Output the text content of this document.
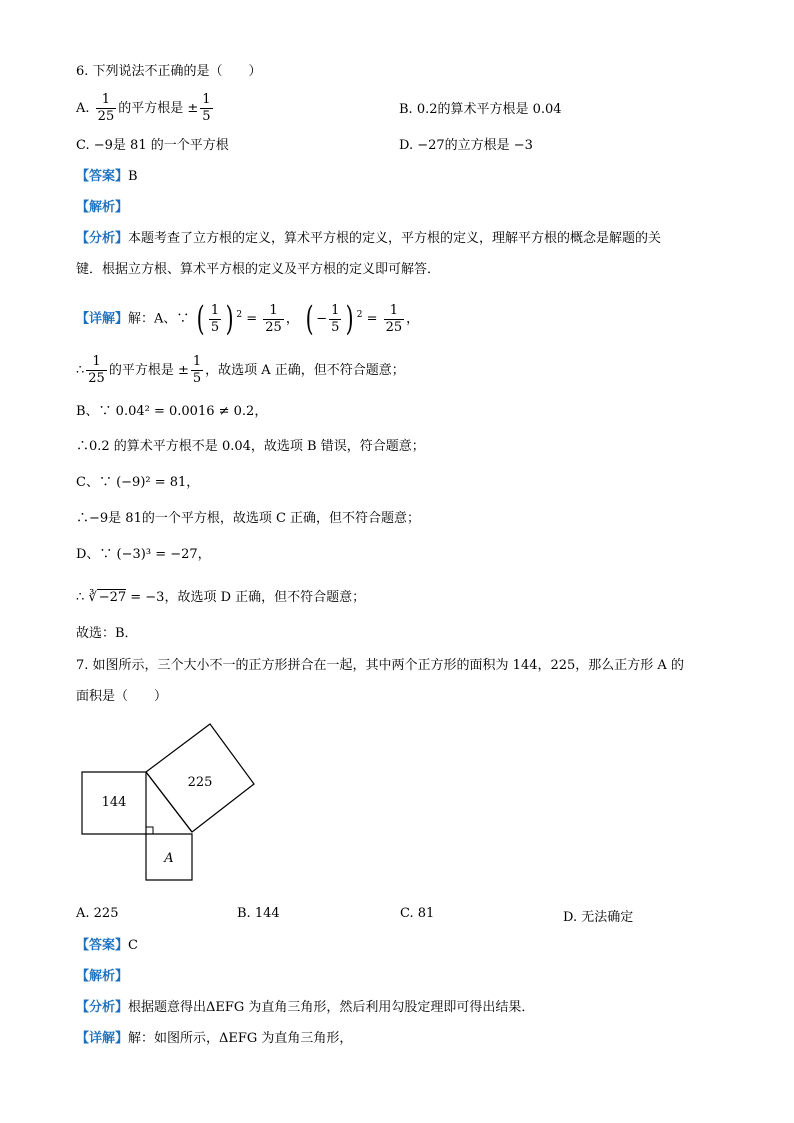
6. 下列说法不正确的是（　　）
A. $\frac{1}{25}$ 的平方根是 ± $\frac{1}{5}$	B. 0.2的算术平方根是 0.04
C. −9是 81 的一个平方根	D. −27的立方根是 −3
【答案】B
【解析】
【分析】本题考查了立方根的定义，算术平方根的定义，平方根的定义，理解平方根的概念是解题的关
键．根据立方根、算术平方根的定义及平方根的定义即可解答．
【详解】解：A、∵ ( $\frac{1}{5}$ ) $^2 = \frac{1}{25}$ ， ( − $\frac{1}{5}$ ) $^2 = \frac{1}{25}$ ，
∴ $\frac{1}{25}$ 的平方根是 ± $\frac{1}{5}$ ，故选项 A 正确，但不符合题意；
B、∵ 0.04² = 0.0016 ≠ 0.2，
∴0.2 的算术平方根不是 0.04，故选项 B 错误，符合题意；
C、∵ (−9)² = 81，
∴−9是 81的一个平方根，故选项 C 正确，但不符合题意；
D、∵ (−3)³ = −27，
∴ ∛ −27 = −3，故选项 D 正确，但不符合题意；
故选：B．
7. 如图所示，三个大小不一的正方形拼合在一起，其中两个正方形的面积为 144，225，那么正方形 A 的
面积是（　　）
144
225
A
A. 225	B. 144	C. 81	D. 无法确定
【答案】C
【解析】
【分析】根据题意得出ΔEFG 为直角三角形，然后利用勾股定理即可得出结果．
【详解】解：如图所示，ΔEFG 为直角三角形，
